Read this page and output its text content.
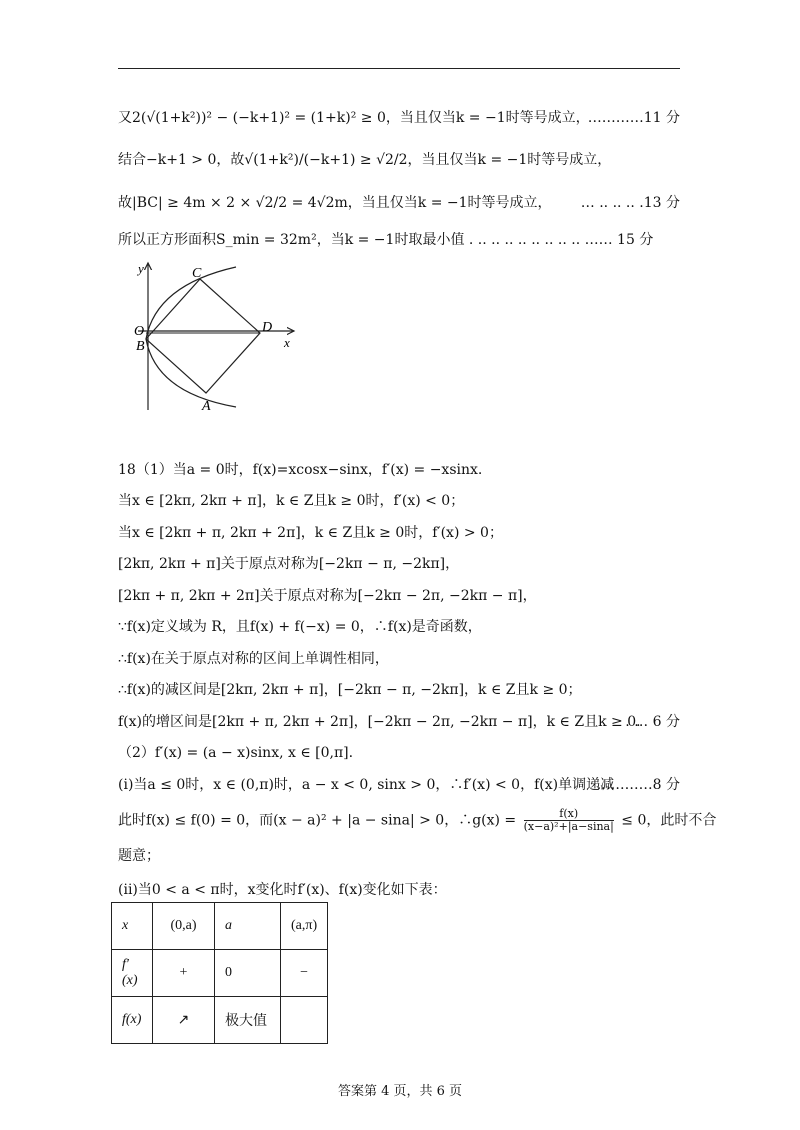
又2(√(1+k²))² − (−k+1)² = (1+k)² ≥ 0，当且仅当k = −1时等号成立，
…………11 分
结合−k+1 > 0，故√(1+k²)/(−k+1) ≥ √2/2，当且仅当k = −1时等号成立，
故|BC| ≥ 4m × 2 × √2/2 = 4√2m，当且仅当k = −1时等号成立， … .. .. .. .13 分
所以正方形面积S_min = 32m²，当k = −1时取最小值 . .. .. .. .. .. .. .. .. …… 15 分
y
x
O
B
C
D
A
18（1）当a = 0时，f(x)=xcosx−sinx，f′(x) = −xsinx.
当x ∈ [2kπ, 2kπ + π]，k ∈ Z且k ≥ 0时，f′(x) < 0；
当x ∈ [2kπ + π, 2kπ + 2π]，k ∈ Z且k ≥ 0时，f′(x) > 0；
[2kπ, 2kπ + π]关于原点对称为[−2kπ − π, −2kπ]，
[2kπ + π, 2kπ + 2π]关于原点对称为[−2kπ − 2π, −2kπ − π]，
∵f(x)定义域为 R，且f(x) + f(−x) = 0，∴f(x)是奇函数，
∴f(x)在关于原点对称的区间上单调性相同，
∴f(x)的减区间是[2kπ, 2kπ + π]，[−2kπ − π, −2kπ]，k ∈ Z且k ≥ 0；
f(x)的增区间是[2kπ + π, 2kπ + 2π]，[−2kπ − 2π, −2kπ − π]，k ∈ Z且k ≥ 0.
. … 6 分
（2）f′(x) = (a − x)sinx, x ∈ [0,π].
(i)当a ≤ 0时，x ∈ (0,π)时，a − x < 0, sinx > 0，∴f′(x) < 0，f(x)单调递减
…………8 分
此时f(x) ≤ f(0) = 0，而(x − a)² + |a − sina| > 0，∴g(x) = $\frac{f(x)}{\text{(x−a)²+|a−sina|}} \le 0$，此时不合
题意；
(ii)当0 < a < π时，x变化时f′(x)、f(x)变化如下表：
x	(0,a)	a	(a,π)
f′(x)	+	0	−
f(x)	↗	极大值	
答案第 4 页，共 6 页
